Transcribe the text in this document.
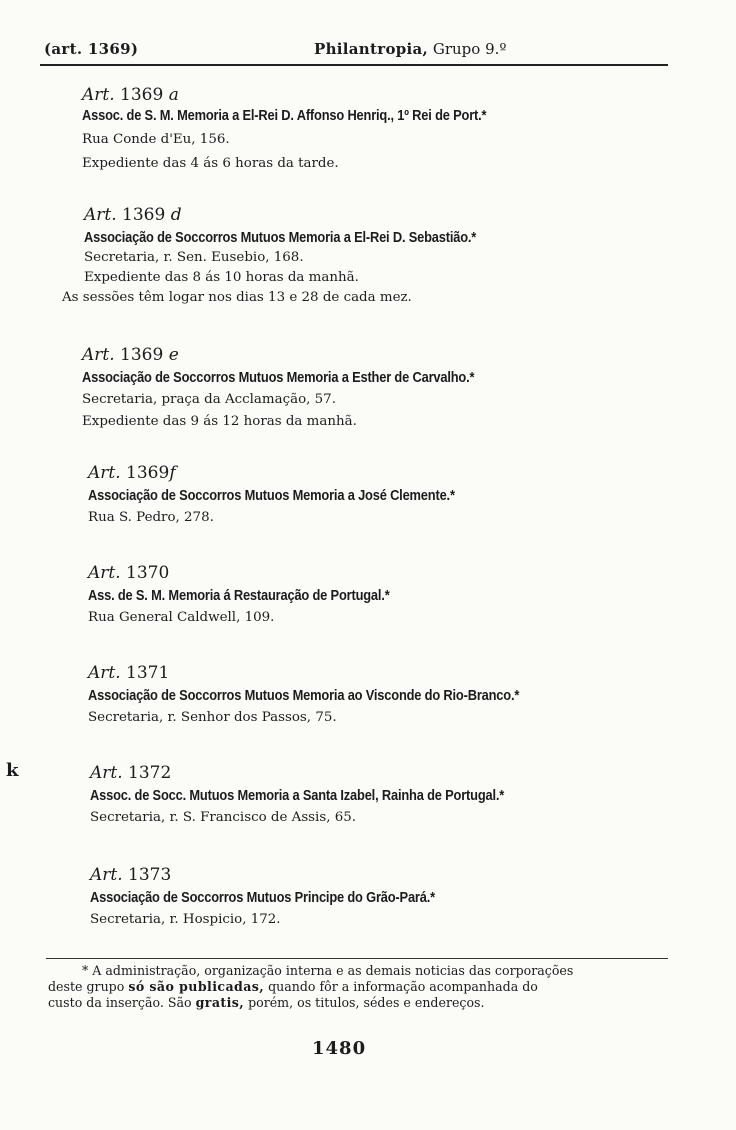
(art. 1369)	Philantropia, Grupo 9.º
Art. 1369 a
Assoc. de S. M. Memoria a El-Rei D. Affonso Henriq., 1º Rei de Port.*
Rua Conde d'Eu, 156.
Expediente das 4 ás 6 horas da tarde.
Art. 1369 d
Associação de Soccorros Mutuos Memoria a El-Rei D. Sebastião.*
Secretaria, r. Sen. Eusebio, 168.
Expediente das 8 ás 10 horas da manhã.
As sessões têm logar nos dias 13 e 28 de cada mez.
Art. 1369 e
Associação de Soccorros Mutuos Memoria a Esther de Carvalho.*
Secretaria, praça da Acclamação, 57.
Expediente das 9 ás 12 horas da manhã.
Art. 1369f
Associação de Soccorros Mutuos Memoria a José Clemente.*
Rua S. Pedro, 278.
Art. 1370
Ass. de S. M. Memoria á Restauração de Portugal.*
Rua General Caldwell, 109.
Art. 1371
Associação de Soccorros Mutuos Memoria ao Visconde do Rio-Branco.*
Secretaria, r. Senhor dos Passos, 75.
Art. 1372
Assoc. de Socc. Mutuos Memoria a Santa Izabel, Rainha de Portugal.*
Secretaria, r. S. Francisco de Assis, 65.
Art. 1373
Associação de Soccorros Mutuos Principe do Grão-Pará.*
Secretaria, r. Hospicio, 172.
k

* A administração, organização interna e as demais noticias das corporações

deste grupo só são publicadas, quando fôr a informação acompanhada do

custo da inserção. São gratis, porém, os titulos, sédes e endereços.

1480
